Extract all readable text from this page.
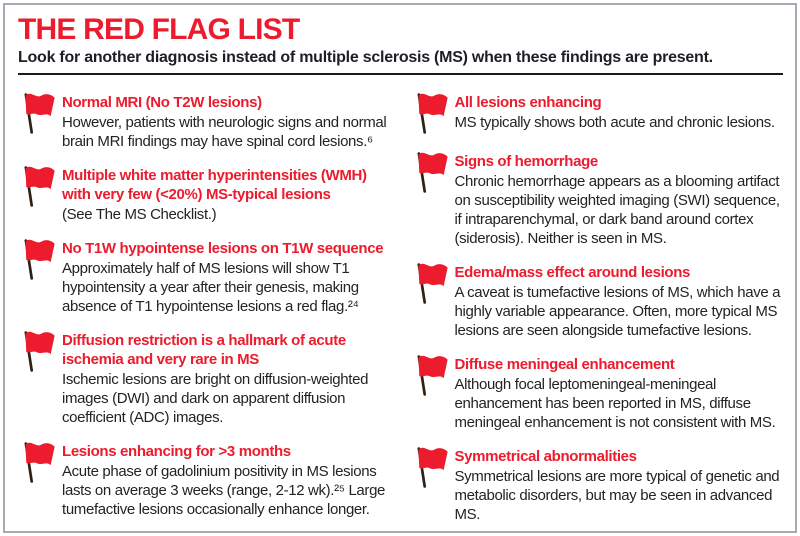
THE RED FLAG LIST
Look for another diagnosis instead of multiple sclerosis (MS) when these findings are present.
Normal MRI (No T2W lesions)
However, patients with neurologic signs and normal brain MRI findings may have spinal cord lesions.⁶
Multiple white matter hyperintensities (WMH) with very few (<20%) MS-typical lesions
(See The MS Checklist.)
No T1W hypointense lesions on T1W sequence
Approximately half of MS lesions will show T1 hypointensity a year after their genesis, making absence of T1 hypointense lesions a red flag.²⁴
Diffusion restriction is a hallmark of acute ischemia and very rare in MS
Ischemic lesions are bright on diffusion-weighted images (DWI) and dark on apparent diffusion coefficient (ADC) images.
Lesions enhancing for >3 months
Acute phase of gadolinium positivity in MS lesions lasts on average 3 weeks (range, 2-12 wk).²⁵ Large tumefactive lesions occasionally enhance longer.
All lesions enhancing
MS typically shows both acute and chronic lesions.
Signs of hemorrhage
Chronic hemorrhage appears as a blooming artifact on susceptibility weighted imaging (SWI) sequence, if intraparenchymal, or dark band around cortex (siderosis). Neither is seen in MS.
Edema/mass effect around lesions
A caveat is tumefactive lesions of MS, which have a highly variable appearance. Often, more typical MS lesions are seen alongside tumefactive lesions.
Diffuse meningeal enhancement
Although focal leptomeningeal-meningeal enhancement has been reported in MS, diffuse meningeal enhancement is not consistent with MS.
Symmetrical abnormalities
Symmetrical lesions are more typical of genetic and metabolic disorders, but may be seen in advanced MS.
